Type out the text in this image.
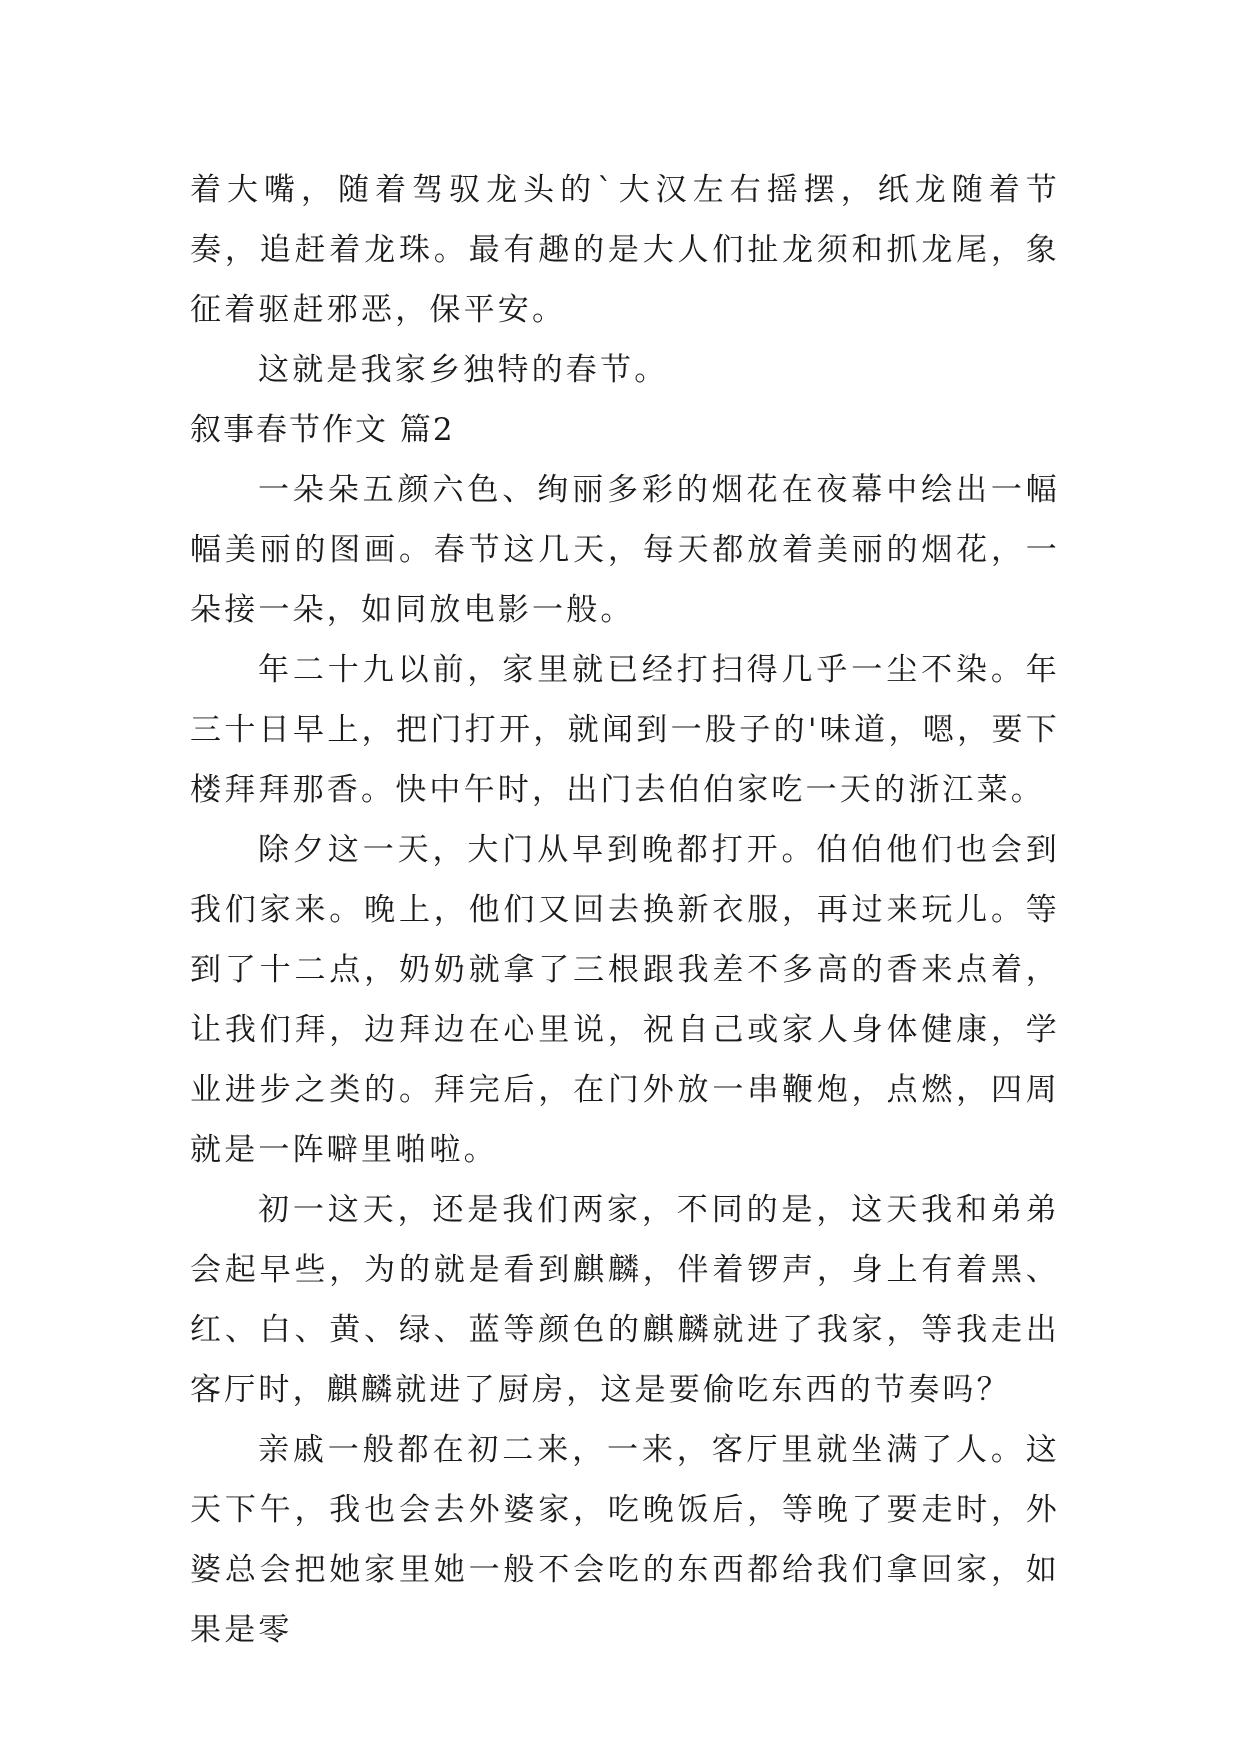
着大嘴，随着驾驭龙头的`大汉左右摇摆，纸龙随着节奏，追赶着龙珠。最有趣的是大人们扯龙须和抓龙尾，象征着驱赶邪恶，保平安。

这就是我家乡独特的春节。

叙事春节作文 篇2

一朵朵五颜六色、绚丽多彩的烟花在夜幕中绘出一幅幅美丽的图画。春节这几天，每天都放着美丽的烟花，一朵接一朵，如同放电影一般。

年二十九以前，家里就已经打扫得几乎一尘不染。年三十日早上，把门打开，就闻到一股子的'味道，嗯，要下楼拜拜那香。快中午时，出门去伯伯家吃一天的浙江菜。

除夕这一天，大门从早到晚都打开。伯伯他们也会到我们家来。晚上，他们又回去换新衣服，再过来玩儿。等到了十二点，奶奶就拿了三根跟我差不多高的香来点着，让我们拜，边拜边在心里说，祝自己或家人身体健康，学业进步之类的。拜完后，在门外放一串鞭炮，点燃，四周就是一阵噼里啪啦。

初一这天，还是我们两家，不同的是，这天我和弟弟会起早些，为的就是看到麒麟，伴着锣声，身上有着黑、红、白、黄、绿、蓝等颜色的麒麟就进了我家，等我走出客厅时，麒麟就进了厨房，这是要偷吃东西的节奏吗？

亲戚一般都在初二来，一来，客厅里就坐满了人。这天下午，我也会去外婆家，吃晚饭后，等晚了要走时，外婆总会把她家里她一般不会吃的东西都给我们拿回家，如果是零
